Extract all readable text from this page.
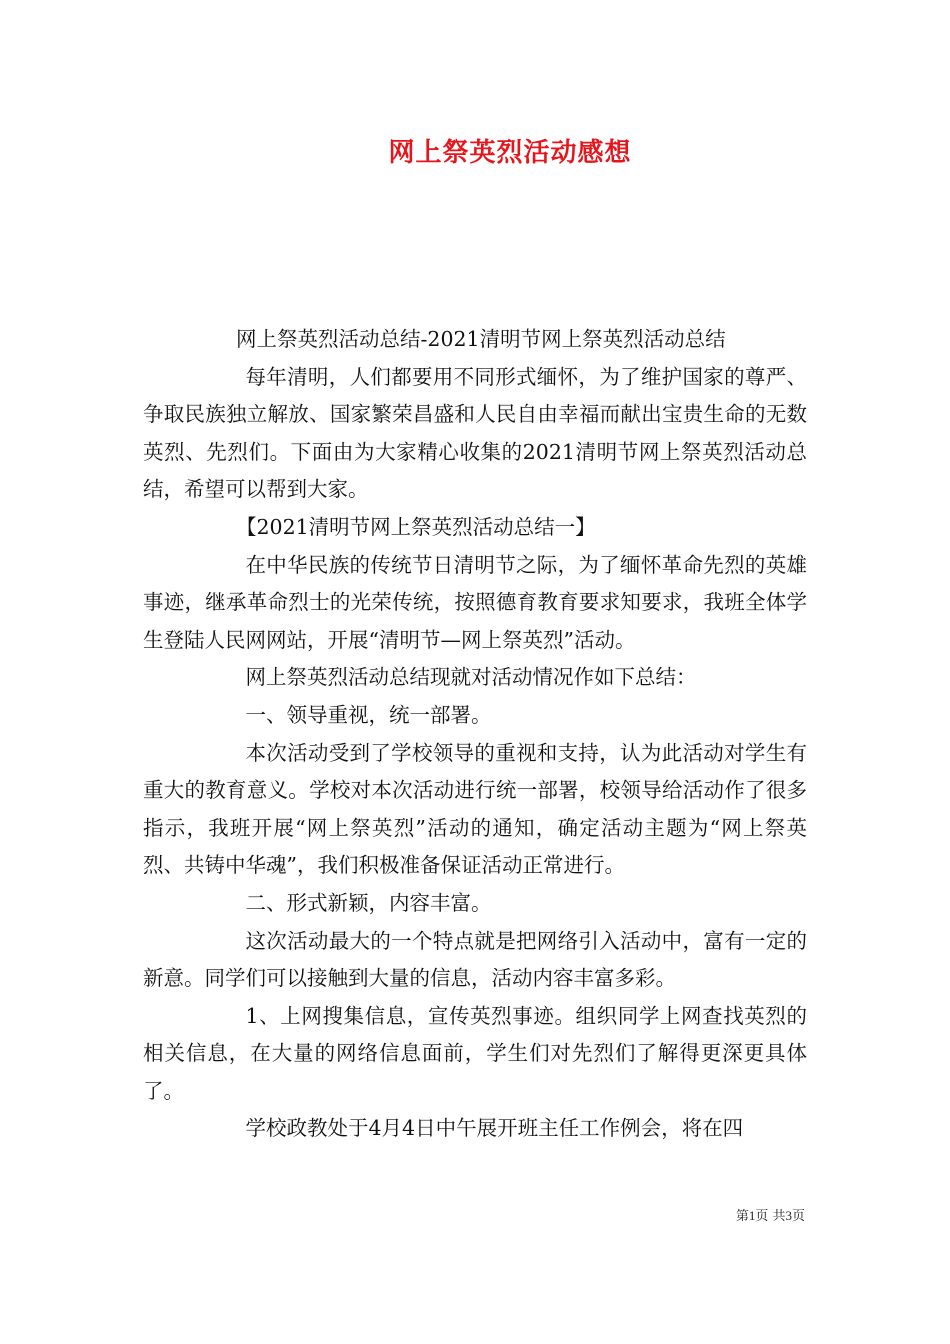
网上祭英烈活动感想

网上祭英烈活动总结-2021清明节网上祭英烈活动总结

每年清明，人们都要用不同形式缅怀，为了维护国家的尊严、争取民族独立解放、国家繁荣昌盛和人民自由幸福而献出宝贵生命的无数英烈、先烈们。下面由为大家精心收集的2021清明节网上祭英烈活动总结，希望可以帮到大家。

【2021清明节网上祭英烈活动总结一】

在中华民族的传统节日清明节之际，为了缅怀革命先烈的英雄事迹，继承革命烈士的光荣传统，按照德育教育要求知要求，我班全体学生登陆人民网网站，开展“清明节—网上祭英烈”活动。

网上祭英烈活动总结现就对活动情况作如下总结：

一、领导重视，统一部署。

本次活动受到了学校领导的重视和支持，认为此活动对学生有重大的教育意义。学校对本次活动进行统一部署，校领导给活动作了很多指示，我班开展“网上祭英烈”活动的通知，确定活动主题为“网上祭英烈、共铸中华魂”，我们积极准备保证活动正常进行。

二、形式新颖，内容丰富。

这次活动最大的一个特点就是把网络引入活动中，富有一定的新意。同学们可以接触到大量的信息，活动内容丰富多彩。

1、上网搜集信息，宣传英烈事迹。组织同学上网查找英烈的相关信息，在大量的网络信息面前，学生们对先烈们了解得更深更具体了。

学校政教处于4月4日中午展开班主任工作例会，将在四

第1页 共3页
